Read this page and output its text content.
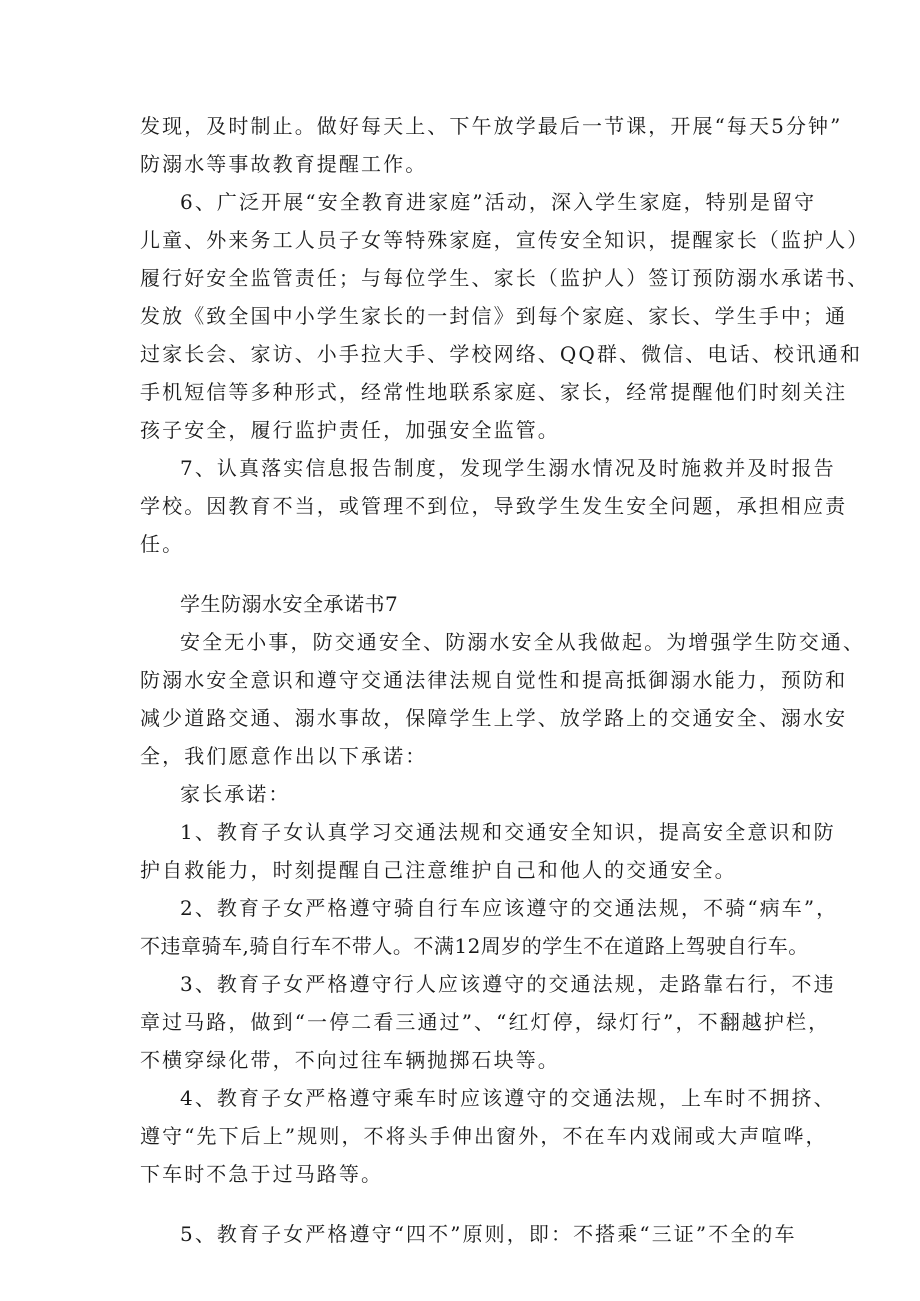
发现，及时制止。做好每天上、下午放学最后一节课，开展“每天5分钟”
防溺水等事故教育提醒工作。
6、广泛开展“安全教育进家庭”活动，深入学生家庭，特别是留守
儿童、外来务工人员子女等特殊家庭，宣传安全知识，提醒家长（监护人）
履行好安全监管责任；与每位学生、家长（监护人）签订预防溺水承诺书、
发放《致全国中小学生家长的一封信》到每个家庭、家长、学生手中；通
过家长会、家访、小手拉大手、学校网络、QQ群、微信、电话、校讯通和
手机短信等多种形式，经常性地联系家庭、家长，经常提醒他们时刻关注
孩子安全，履行监护责任，加强安全监管。
7、认真落实信息报告制度，发现学生溺水情况及时施救并及时报告
学校。因教育不当，或管理不到位，导致学生发生安全问题，承担相应责
任。
学生防溺水安全承诺书7
安全无小事，防交通安全、防溺水安全从我做起。为增强学生防交通、
防溺水安全意识和遵守交通法律法规自觉性和提高抵御溺水能力，预防和
减少道路交通、溺水事故，保障学生上学、放学路上的交通安全、溺水安
全，我们愿意作出以下承诺：
家长承诺：
1、教育子女认真学习交通法规和交通安全知识，提高安全意识和防
护自救能力，时刻提醒自己注意维护自己和他人的交通安全。
2、教育子女严格遵守骑自行车应该遵守的交通法规，不骑“病车”，
不违章骑车,骑自行车不带人。不满12周岁的学生不在道路上驾驶自行车。
3、教育子女严格遵守行人应该遵守的交通法规，走路靠右行，不违
章过马路，做到“一停二看三通过”、“红灯停，绿灯行”，不翻越护栏，
不横穿绿化带，不向过往车辆抛掷石块等。
4、教育子女严格遵守乘车时应该遵守的交通法规，上车时不拥挤、
遵守“先下后上”规则，不将头手伸出窗外，不在车内戏闹或大声喧哗，
下车时不急于过马路等。
5、教育子女严格遵守“四不”原则，即：不搭乘“三证”不全的车
